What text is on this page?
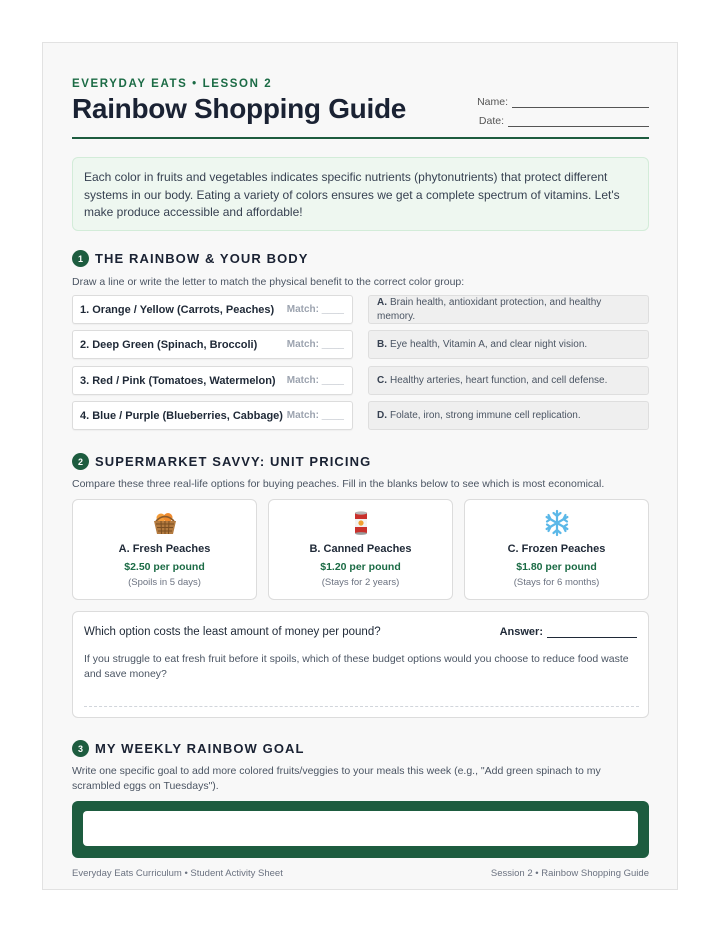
EVERYDAY EATS • LESSON 2
Rainbow Shopping Guide	Name:
Date:
Each color in fruits and vegetables indicates specific nutrients (phytonutrients) that protect different systems in our body. Eating a variety of colors ensures we get a complete spectrum of vitamins. Let's make produce accessible and affordable!
1 THE RAINBOW & YOUR BODY
Draw a line or write the letter to match the physical benefit to the correct color group:
1. Orange / Yellow (Carrots, Peaches) Match: ____
2. Deep Green (Spinach, Broccoli)	Match: ____
3. Red / Pink (Tomatoes, Watermelon) Match: ____
4. Blue / Purple (Blueberries, Cabbage) Match: ____
A. Brain health, antioxidant protection, and healthy memory.
B. Eye health, Vitamin A, and clear night vision.
C. Healthy arteries, heart function, and cell defense.
D. Folate, iron, strong immune cell replication.
2 SUPERMARKET SAVVY: UNIT PRICING
Compare these three real-life options for buying peaches. Fill in the blanks below to see which is most economical.
A. Fresh Peaches
$2.50 per pound
(Spoils in 5 days)
B. Canned Peaches
$1.20 per pound
(Stays for 2 years)
C. Frozen Peaches
$1.80 per pound
(Stays for 6 months)
Which option costs the least amount of money per pound?	Answer:
If you struggle to eat fresh fruit before it spoils, which of these budget options would you choose to reduce food waste and save money?
3 MY WEEKLY RAINBOW GOAL
Write one specific goal to add more colored fruits/veggies to your meals this week (e.g., "Add green spinach to my scrambled eggs on Tuesdays").
Everyday Eats Curriculum • Student Activity Sheet	Session 2 • Rainbow Shopping Guide
